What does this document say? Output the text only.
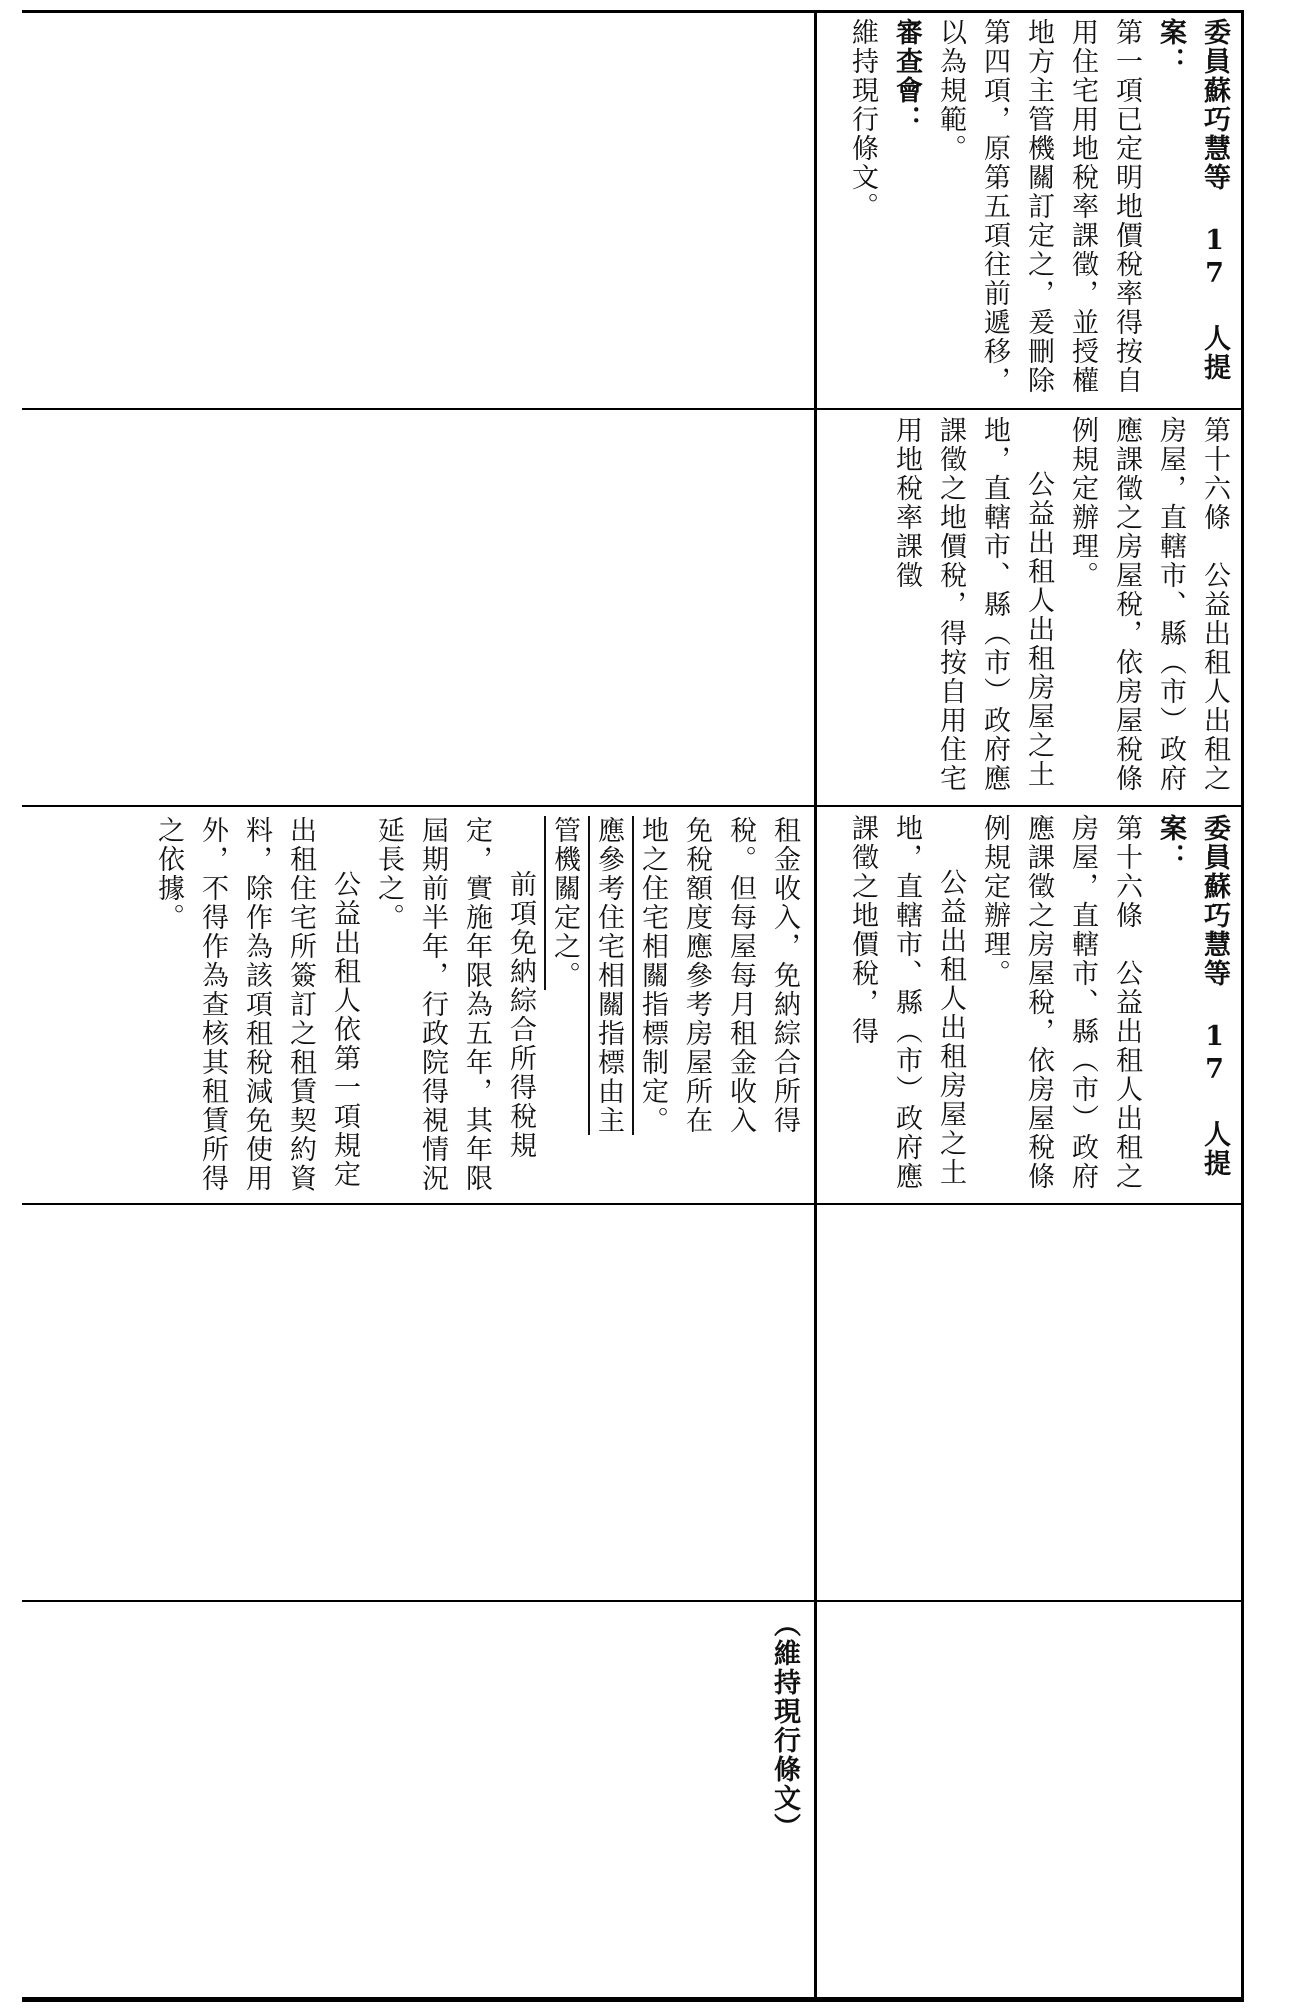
租金收入，免納綜合所得

稅。但每屋每月租金收入

免稅額度應參考房屋所在

地之住宅相關指標制定。

應參考住宅相關指標由主

管機關定之。

前項免納綜合所得稅規定，實施年限為五年，其年限屆期前半年，行政院得視情況延長之。

公益出租人依第一項規定出租住宅所簽訂之租賃契約資料，除作為該項租稅減免使用外，不得作為查核其租賃所得之依據。

（維持現行條文）

委員蘇巧慧等 17 人提案：

第一項已定明地價稅率得按自用住宅用地稅率課徵，並授權地方主管機關訂定之，爰刪除第四項，原第五項往前遞移，以為規範。

審查會：

維持現行條文。

第十六條　公益出租人出租之房屋，直轄市、縣（市）政府應課徵之房屋稅，依房屋稅條例規定辦理。

公益出租人出租房屋之土地，直轄市、縣（市）政府應課徵之地價稅，得按自用住宅用地稅率課徵

委員蘇巧慧等 17 人提案：

第十六條　公益出租人出租之房屋，直轄市、縣（市）政府應課徵之房屋稅，依房屋稅條例規定辦理。

公益出租人出租房屋之土地，直轄市、縣（市）政府應課徵之地價稅，得
